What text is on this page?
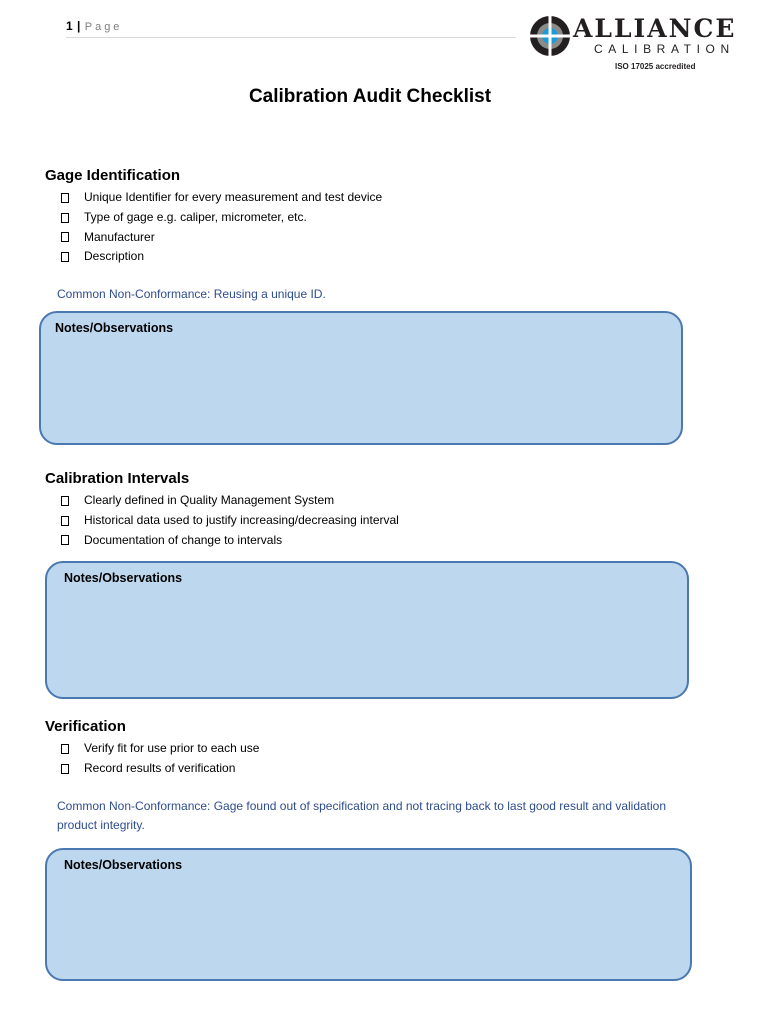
1 | Page	ALLIANCE
CALIBRATION
ISO 17025 accredited
Calibration Audit Checklist
Gage Identification
Unique Identifier for every measurement and test device
Type of gage e.g. caliper, micrometer, etc.
Manufacturer
Description
Common Non-Conformance: Reusing a unique ID.
Notes/Observations
Calibration Intervals
Clearly defined in Quality Management System
Historical data used to justify increasing/decreasing interval
Documentation of change to intervals
Notes/Observations
Verification
Verify fit for use prior to each use
Record results of verification
Common Non-Conformance: Gage found out of specification and not tracing back to last good result and validation
product integrity.
Notes/Observations
